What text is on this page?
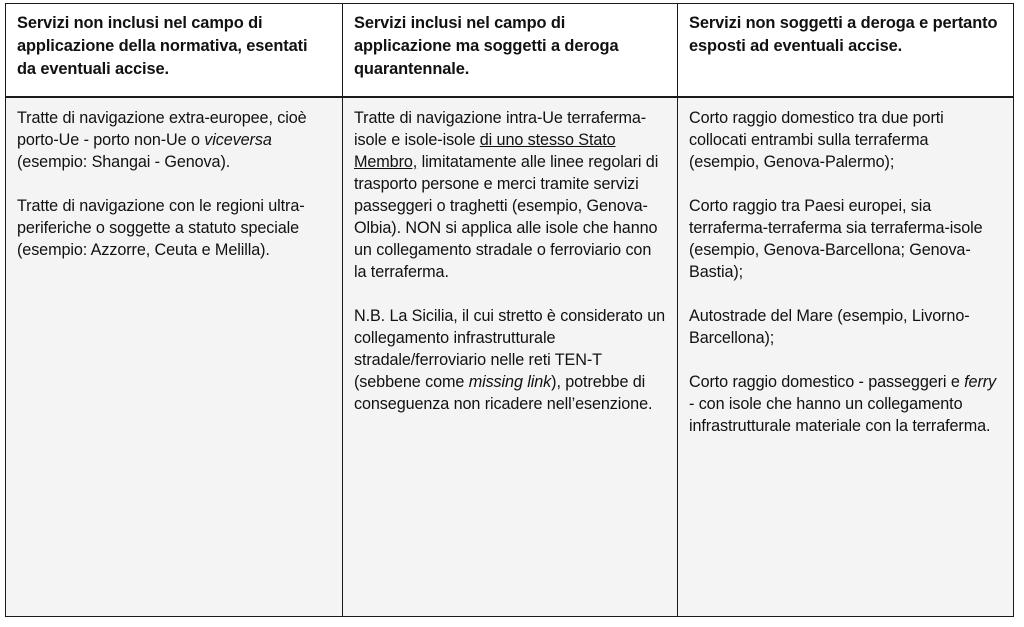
Servizi non inclusi nel campo di applicazione della normativa, esentati da eventuali accise.
Servizi inclusi nel campo di applicazione ma soggetti a deroga quarantennale.
Servizi non soggetti a deroga e pertanto esposti ad eventuali accise.

Tratte di navigazione extra-europee, cioè porto-Ue - porto non-Ue o viceversa (esempio: Shangai - Genova).

Tratte di navigazione con le regioni ultra-periferiche o soggette a statuto speciale (esempio: Azzorre, Ceuta e Melilla).

Tratte di navigazione intra-Ue terraferma-isole e isole-isole di uno stesso Stato Membro, limitatamente alle linee regolari di trasporto persone e merci tramite servizi passeggeri o traghetti (esempio, Genova-Olbia). NON si applica alle isole che hanno un collegamento stradale o ferroviario con la terraferma.

N.B. La Sicilia, il cui stretto è considerato un collegamento infrastrutturale stradale/ferroviario nelle reti TEN-T (sebbene come missing link), potrebbe di conseguenza non ricadere nell’esenzione.

Corto raggio domestico tra due porti collocati entrambi sulla terraferma (esempio, Genova-Palermo);

Corto raggio tra Paesi europei, sia terraferma-terraferma sia terraferma-isole (esempio, Genova-Barcellona; Genova-Bastia);

Autostrade del Mare (esempio, Livorno-Barcellona);

Corto raggio domestico - passeggeri e ferry - con isole che hanno un collegamento infrastrutturale materiale con la terraferma.
